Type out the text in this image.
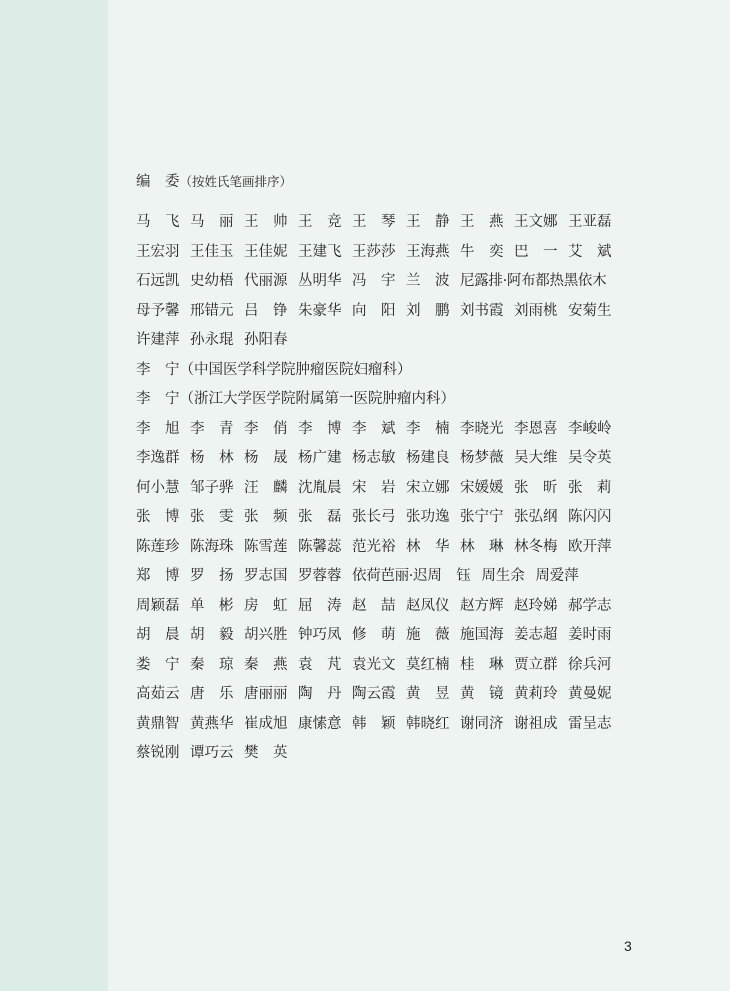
编　委（按姓氏笔画排序）
马　飞 马　丽 王　帅 王　竞 王　琴 王　静 王　燕 王文娜 王亚磊
王宏羽 王佳玉 王佳妮 王建飞 王莎莎 王海燕 牛　奕 巴　一 艾　斌
石远凯 史幼梧 代丽源 丛明华 冯　宇 兰　波 尼露排·阿布都热黑依木
母予馨 邢错元 吕　铮 朱豪华 向　阳 刘　鹏 刘书霞 刘雨桃 安菊生
许建萍 孙永琨 孙阳春
李　宁（中国医学科学院肿瘤医院妇瘤科）
李　宁（浙江大学医学院附属第一医院肿瘤内科）
李　旭 李　青 李　俏 李　博 李　斌 李　楠 李晓光 李恩喜 李峻岭
李逸群 杨　林 杨　晟 杨广建 杨志敏 杨建良 杨梦薇 吴大维 吴令英
何小慧 邹子骅 汪　麟 沈胤晨 宋　岩 宋立娜 宋媛媛 张　昕 张　莉
张　博 张　雯 张　频 张　磊 张长弓 张功逸 张宁宁 张弘纲 陈闪闪
陈莲珍 陈海珠 陈雪莲 陈馨蕊 范光裕 林　华 林　琳 林冬梅 欧开萍
郑　博 罗　扬 罗志国 罗蓉蓉 依荷芭丽·迟 周　钰 周生余 周爱萍
周颖磊 单　彬 房　虹 屈　涛 赵　喆 赵凤仪 赵方辉 赵玲娣 郝学志
胡　晨 胡　毅 胡兴胜 钟巧凤 修　萌 施　薇 施国海 姜志超 姜时雨
娄　宁 秦　琼 秦　燕 袁　芃 袁光文 莫红楠 桂　琳 贾立群 徐兵河
高茹云 唐　乐 唐丽丽 陶　丹 陶云霞 黄　昱 黄　镜 黄莉玲 黄曼妮
黄鼎智 黄燕华 崔成旭 康愫意 韩　颖 韩晓红 谢同济 谢祖成 雷呈志
蔡锐刚 谭巧云 樊　英
3
